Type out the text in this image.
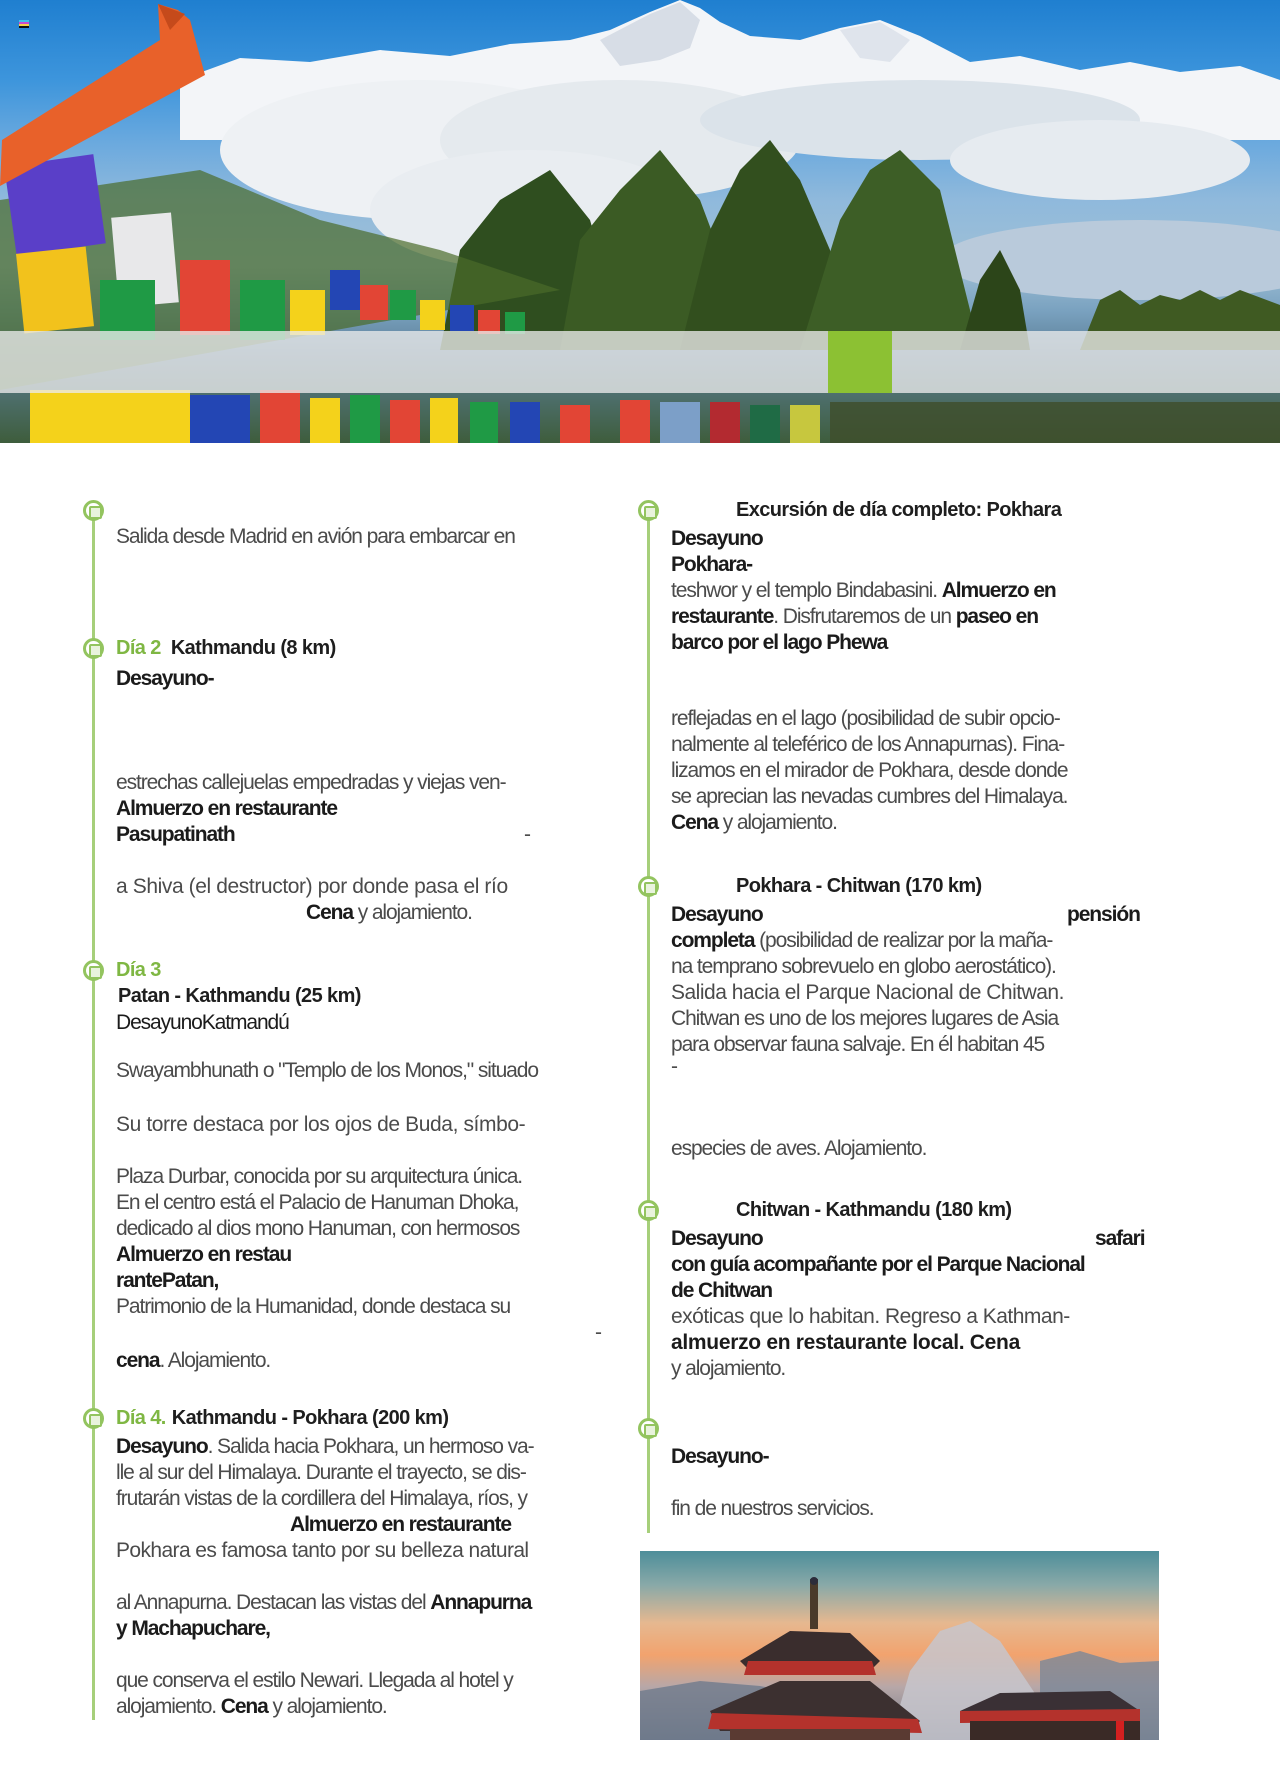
Salida desde Madrid en avión para embarcar en
Día 2 Kathmandu (8 km)
Desayuno-
estrechas callejuelas empedradas y viejas ven-
Almuerzo en restaurante
Pasupatinath	-
a Shiva (el destructor) por donde pasa el río
Cena y alojamiento.
Día 3
Patan - Kathmandu (25 km)
DesayunoKatmandú
Swayambhunath o "Templo de los Monos," situado
Su torre destaca por los ojos de Buda, símbo-
Plaza Durbar, conocida por su arquitectura única.
En el centro está el Palacio de Hanuman Dhoka,
dedicado al dios mono Hanuman, con hermosos
Almuerzo en restau
rantePatan,
Patrimonio de la Humanidad, donde destaca su
-
cena. Alojamiento.
Día 4. Kathmandu - Pokhara (200 km)
Desayuno. Salida hacia Pokhara, un hermoso va-
lle al sur del Himalaya. Durante el trayecto, se dis-
frutarán vistas de la cordillera del Himalaya, ríos, y
Almuerzo en restaurante
Pokhara es famosa tanto por su belleza natural
al Annapurna. Destacan las vistas del Annapurna
y Machapuchare,
que conserva el estilo Newari. Llegada al hotel y
alojamiento. Cena y alojamiento.
Excursión de día completo: Pokhara
Desayuno
Pokhara-
teshwor y el templo Bindabasini. Almuerzo en
restaurante. Disfrutaremos de un paseo en
barco por el lago Phewa
reflejadas en el lago (posibilidad de subir opcio-
nalmente al teleférico de los Annapurnas). Fina-
lizamos en el mirador de Pokhara, desde donde
se aprecian las nevadas cumbres del Himalaya.
Cena y alojamiento.
Pokhara - Chitwan (170 km)
Desayuno	pensión
completa (posibilidad de realizar por la maña-
na temprano sobrevuelo en globo aerostático).
Salida hacia el Parque Nacional de Chitwan.
Chitwan es uno de los mejores lugares de Asia
para observar fauna salvaje. En él habitan 45
-
especies de aves. Alojamiento.
Chitwan - Kathmandu (180 km)
Desayuno	safari
con guía acompañante por el Parque Nacional
de Chitwan
exóticas que lo habitan. Regreso a Kathman-
almuerzo en restaurante local. Cena
y alojamiento.
Desayuno-
fin de nuestros servicios.
